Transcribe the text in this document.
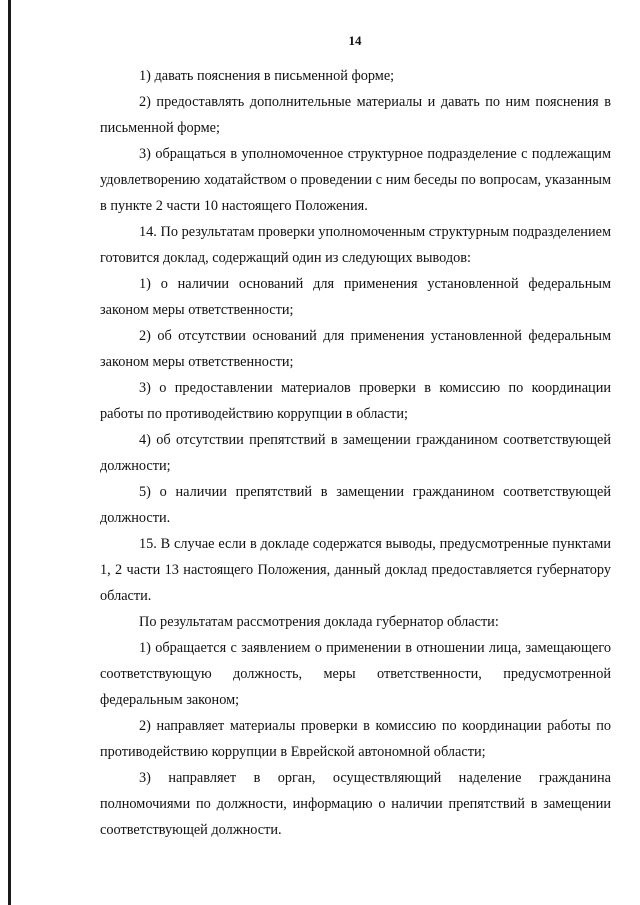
14

1) давать пояснения в письменной форме;

2) предоставлять дополнительные материалы и давать по ним пояснения в письменной форме;

3) обращаться в уполномоченное структурное подразделение с подлежащим удовлетворению ходатайством о проведении с ним беседы по вопросам, указанным в пункте 2 части 10 настоящего Положения.

14. По результатам проверки уполномоченным структурным подразделением готовится доклад, содержащий один из следующих выводов:

1) о наличии оснований для применения установленной федеральным законом меры ответственности;

2) об отсутствии оснований для применения установленной федеральным законом меры ответственности;

3) о предоставлении материалов проверки в комиссию по координации работы по противодействию коррупции в области;

4) об отсутствии препятствий в замещении гражданином соответствующей должности;

5) о наличии препятствий в замещении гражданином соответствующей должности.

15. В случае если в докладе содержатся выводы, предусмотренные пунктами 1, 2 части 13 настоящего Положения, данный доклад предоставляется губернатору области.

По результатам рассмотрения доклада губернатор области:

1) обращается с заявлением о применении в отношении лица, замещающего соответствующую должность, меры ответственности, предусмотренной федеральным законом;

2) направляет материалы проверки в комиссию по координации работы по противодействию коррупции в Еврейской автономной области;

3) направляет в орган, осуществляющий наделение гражданина полномочиями по должности, информацию о наличии препятствий в замещении соответствующей должности.
